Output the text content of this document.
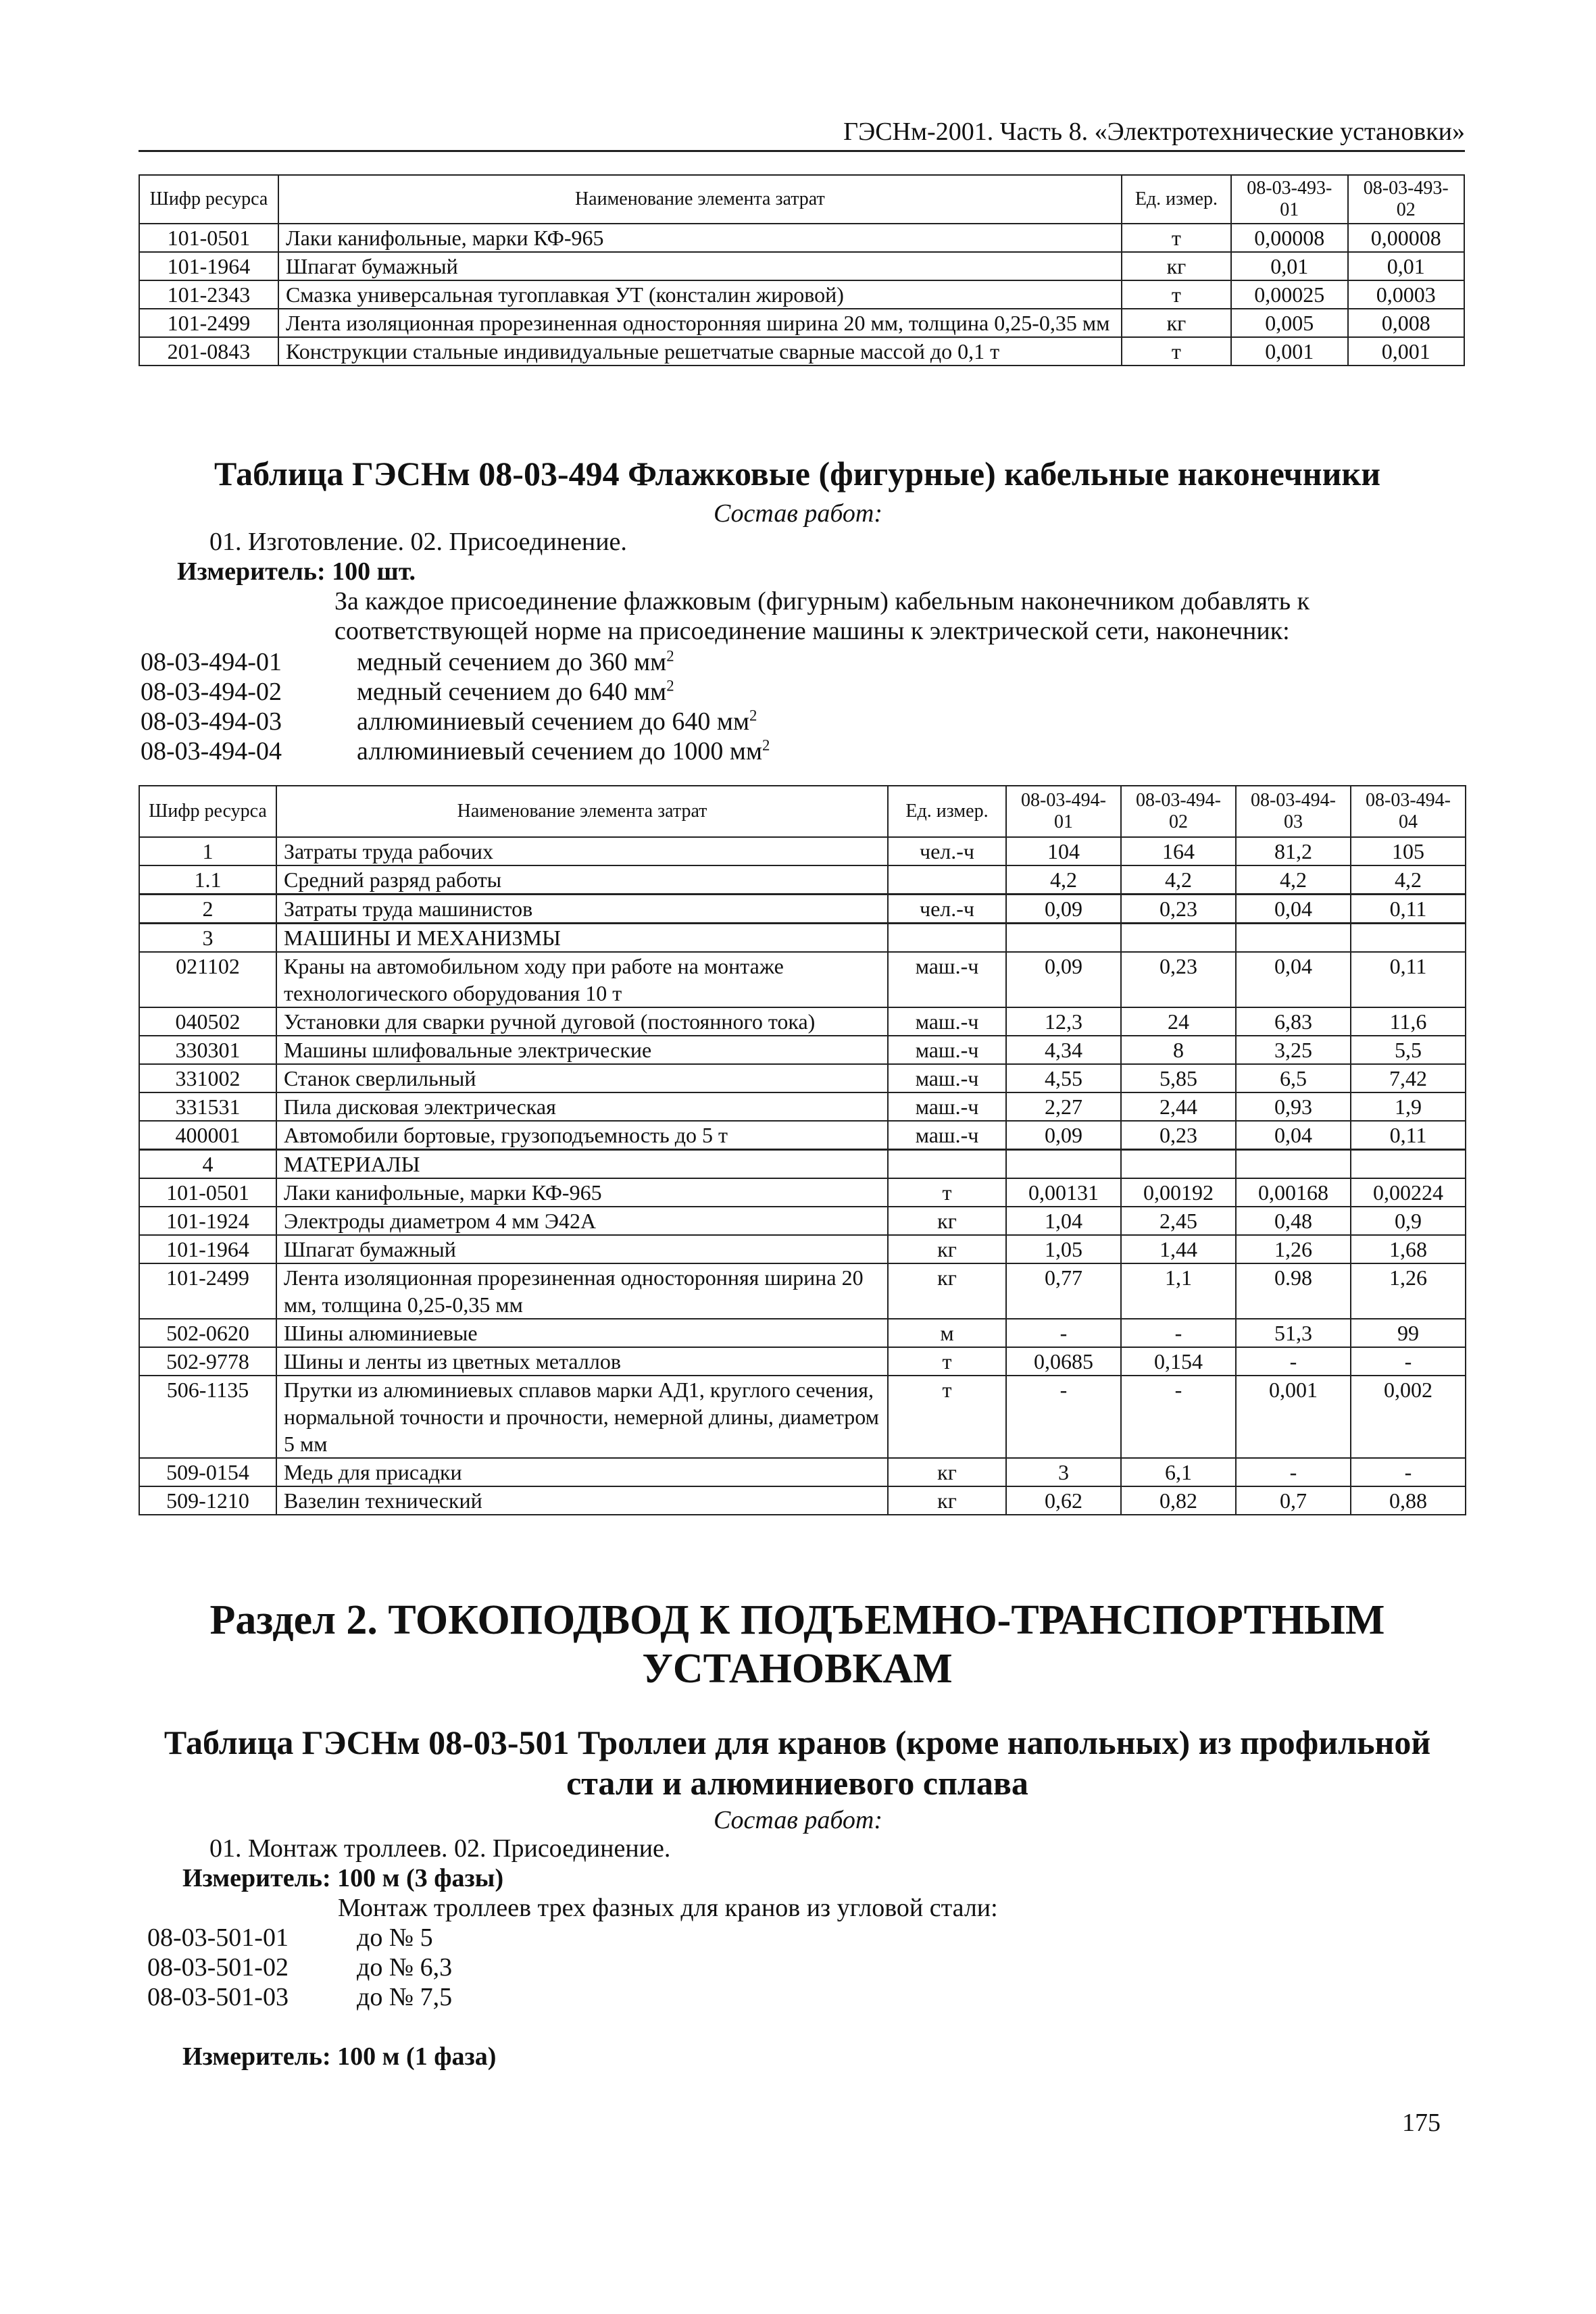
ГЭСНм-2001. Часть 8. «Электротехнические установки»
Шифр ресурса	Наименование элемента затрат	Ед. измер.	08-03-493-01	08-03-493-02
101-0501	Лаки канифольные, марки КФ-965	т	0,00008	0,00008
101-1964	Шпагат бумажный	кг	0,01	0,01
101-2343	Смазка универсальная тугоплавкая УТ (консталин жировой)	т	0,00025	0,0003
101-2499	Лента изоляционная прорезиненная односторонняя ширина 20 мм, толщина 0,25-0,35 мм	кг	0,005	0,008
201-0843	Конструкции стальные индивидуальные решетчатые сварные массой до 0,1 т	т	0,001	0,001
Таблица ГЭСНм 08-03-494 Флажковые (фигурные) кабельные наконечники
Состав работ:
01. Изготовление. 02. Присоединение.
Измеритель: 100 шт.
За каждое присоединение флажковым (фигурным) кабельным наконечником добавлять к
соответствующей норме на присоединение машины к электрической сети, наконечник:
08-03-494-01	медный сечением до 360 $мм^2$
08-03-494-02	медный сечением до 640 $мм^2$
08-03-494-03	аллюминиевый сечением до 640 $мм^2$
08-03-494-04	аллюминиевый сечением до 1000 $мм^2$
Шифр ресурса	Наименование элемента затрат	Ед. измер.	08-03-494-01	08-03-494-02	08-03-494-03	08-03-494-04
1	Затраты труда рабочих	чел.-ч	104	164	81,2	105
1.1	Средний разряд работы		4,2	4,2	4,2	4,2
2	Затраты труда машинистов	чел.-ч	0,09	0,23	0,04	0,11
3	МАШИНЫ И МЕХАНИЗМЫ					
021102	Краны на автомобильном ходу при работе на монтаже технологического оборудования 10 т	маш.-ч	0,09	0,23	0,04	0,11
040502	Установки для сварки ручной дуговой (постоянного тока)	маш.-ч	12,3	24	6,83	11,6
330301	Машины шлифовальные электрические	маш.-ч	4,34	8	3,25	5,5
331002	Станок сверлильный	маш.-ч	4,55	5,85	6,5	7,42
331531	Пила дисковая электрическая	маш.-ч	2,27	2,44	0,93	1,9
400001	Автомобили бортовые, грузоподъемность до 5 т	маш.-ч	0,09	0,23	0,04	0,11
4	МАТЕРИАЛЫ					
101-0501	Лаки канифольные, марки КФ-965	т	0,00131	0,00192	0,00168	0,00224
101-1924	Электроды диаметром 4 мм Э42А	кг	1,04	2,45	0,48	0,9
101-1964	Шпагат бумажный	кг	1,05	1,44	1,26	1,68
101-2499	Лента изоляционная прорезиненная односторонняя ширина 20 мм, толщина 0,25-0,35 мм	кг	0,77	1,1	0.98	1,26
502-0620	Шины алюминиевые	м	-	-	51,3	99
502-9778	Шины и ленты из цветных металлов	т	0,0685	0,154	-	-
506-1135	Прутки из алюминиевых сплавов марки АД1, круглого сечения, нормальной точности и прочности, немерной длины, диаметром 5 мм	т	-	-	0,001	0,002
509-0154	Медь для присадки	кг	3	6,1	-	-
509-1210	Вазелин технический	кг	0,62	0,82	0,7	0,88
Раздел 2. ТОКОПОДВОД К ПОДЪЕМНО-ТРАНСПОРТНЫМ
УСТАНОВКАМ
Таблица ГЭСНм 08-03-501 Троллеи для кранов (кроме напольных) из профильной
стали и алюминиевого сплава
Состав работ:
01. Монтаж троллеев. 02. Присоединение.
Измеритель: 100 м (3 фазы)
Монтаж троллеев трех фазных для кранов из угловой стали:
08-03-501-01	до № 5
08-03-501-02	до № 6,3
08-03-501-03	до № 7,5
Измеритель: 100 м (1 фаза)
175
